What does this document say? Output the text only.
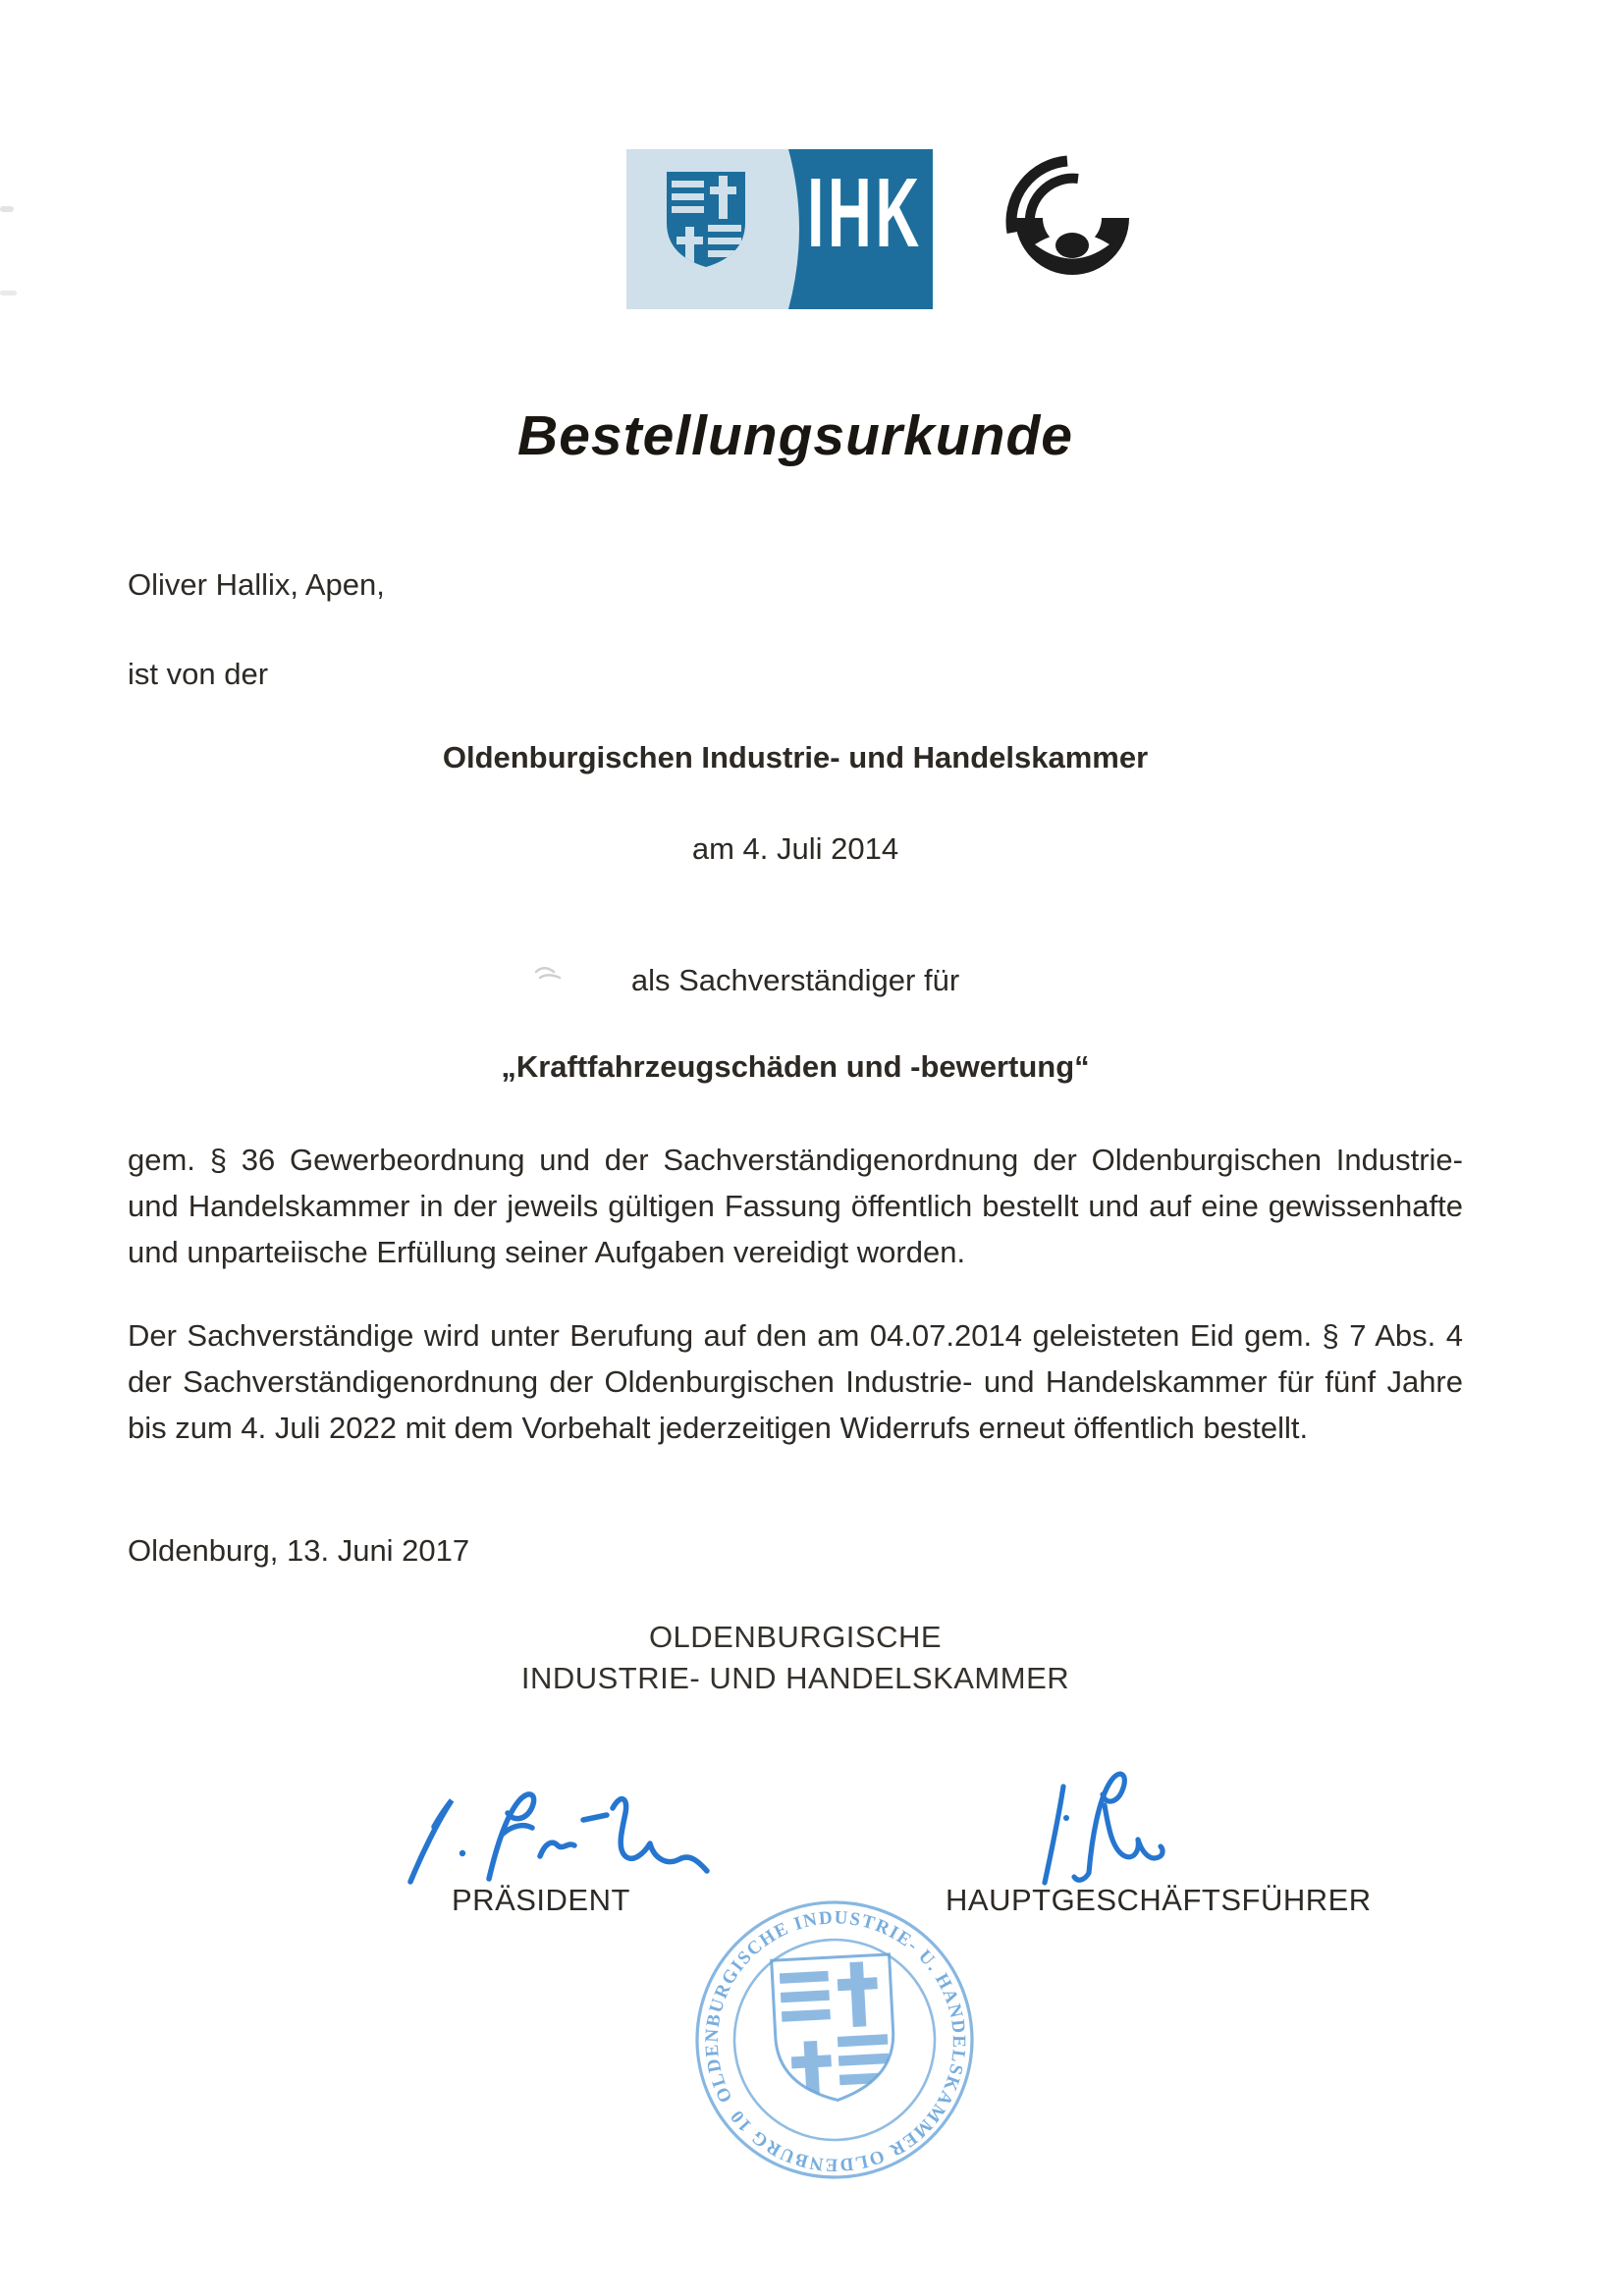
IHK
Bestellungsurkunde
Oliver Hallix, Apen,
ist von der
Oldenburgischen Industrie- und Handelskammer
am 4. Juli 2014
als Sachverständiger für
„Kraftfahrzeugschäden und -bewertung“
gem. § 36 Gewerbeordnung und der Sachverständigenordnung der Oldenburgischen Industrie-
und Handelskammer in der jeweils gültigen Fassung öffentlich bestellt und auf eine gewissenhafte
und unparteiische Erfüllung seiner Aufgaben vereidigt worden.
Der Sachverständige wird unter Berufung auf den am 04.07.2014 geleisteten Eid gem. § 7 Abs. 4
der Sachverständigenordnung der Oldenburgischen Industrie- und Handelskammer für fünf Jahre
bis zum 4. Juli 2022 mit dem Vorbehalt jederzeitigen Widerrufs erneut öffentlich bestellt.
Oldenburg, 13. Juni 2017
OLDENBURGISCHE
INDUSTRIE- UND HANDELSKAMMER
OLDENBURGISCHE INDUSTRIE- U. HANDELSKAMMER OLDENBURG 10
PRÄSIDENT	HAUPTGESCHÄFTSFÜHRER
